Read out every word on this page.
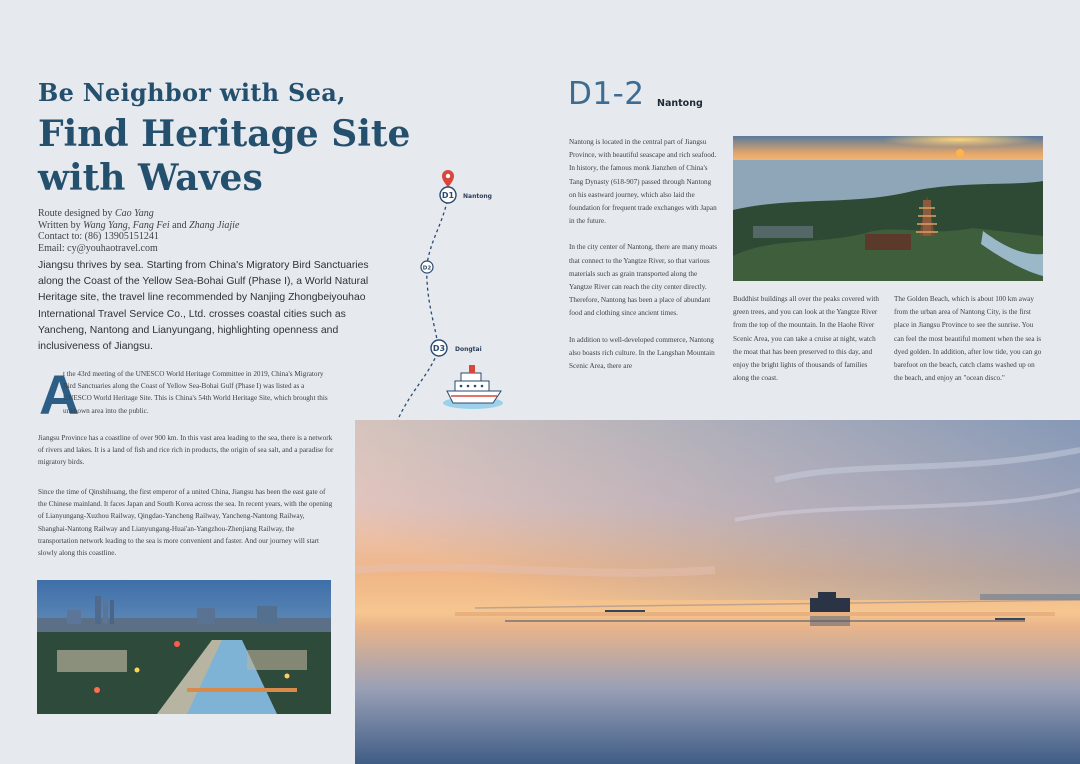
Be Neighbor with Sea,
Find Heritage Site with Waves
Route designed by Cao Yang
Written by Wang Yang, Fang Fei and Zhang Jiajie
Contact to: (86) 13905151241
Email: cy@youhaotravel.com
Jiangsu thrives by sea. Starting from China's Migratory Bird Sanctuaries along the Coast of the Yellow Sea-Bohai Gulf (Phase I), a World Natural Heritage site, the travel line recommended by Nanjing Zhongbeiyouhao International Travel Service Co., Ltd. crosses coastal cities such as Yancheng, Nantong and Lianyungang, highlighting openness and inclusiveness of Jiangsu.
A
t the 43rd meeting of the UNESCO World Heritage Committee in 2019, China's Migratory Bird Sanctuaries along the Coast of Yellow Sea-Bohai Gulf (Phase I) was listed as a UNESCO World Heritage Site. This is China's 54th World Heritage Site, which brought this unknown area into the public.
Jiangsu Province has a coastline of over 900 km. In this vast area leading to the sea, there is a network of rivers and lakes. It is a land of fish and rice rich in products, the origin of sea salt, and a paradise for migratory birds.
Since the time of Qinshihuang, the first emperor of a united China, Jiangsu has been the east gate of the Chinese mainland. It faces Japan and South Korea across the sea. In recent years, with the opening of Lianyungang-Xuzhou Railway, Qingdao-Yancheng Railway, Yancheng-Nantong Railway, Shanghai-Nantong Railway and Lianyungang-Huai'an-Yangzhou-Zhenjiang Railway, the transportation network leading to the sea is more convenient and faster. And our journey will start slowly along this coastline.
D1
D2
D3
Nantong
Dongtai
D1-2 Nantong

Nantong is located in the central part of Jiangsu Province, with beautiful seascape and rich seafood. In history, the famous monk Jianzhen of China's Tang Dynasty (618-907) passed through Nantong on his eastward journey, which also laid the foundation for frequent trade exchanges with Japan in the future.

In the city center of Nantong, there are many moats that connect to the Yangtze River, so that various materials such as grain transported along the Yangtze River can reach the city center directly. Therefore, Nantong has been a place of abundant food and clothing since ancient times.

In addition to well-developed commerce, Nantong also boasts rich culture. In the Langshan Mountain Scenic Area, there are

Buddhist buildings all over the peaks covered with green trees, and you can look at the Yangtze River from the top of the mountain. In the Haohe River Scenic Area, you can take a cruise at night, watch the moat that has been preserved to this day, and enjoy the bright lights of thousands of families along the coast.

The Golden Beach, which is about 100 km away from the urban area of Nantong City, is the first place in Jiangsu Province to see the sunrise. You can feel the most beautiful moment when the sea is dyed golden. In addition, after low tide, you can go barefoot on the beach, catch clams washed up on the beach, and enjoy an "ocean disco."
